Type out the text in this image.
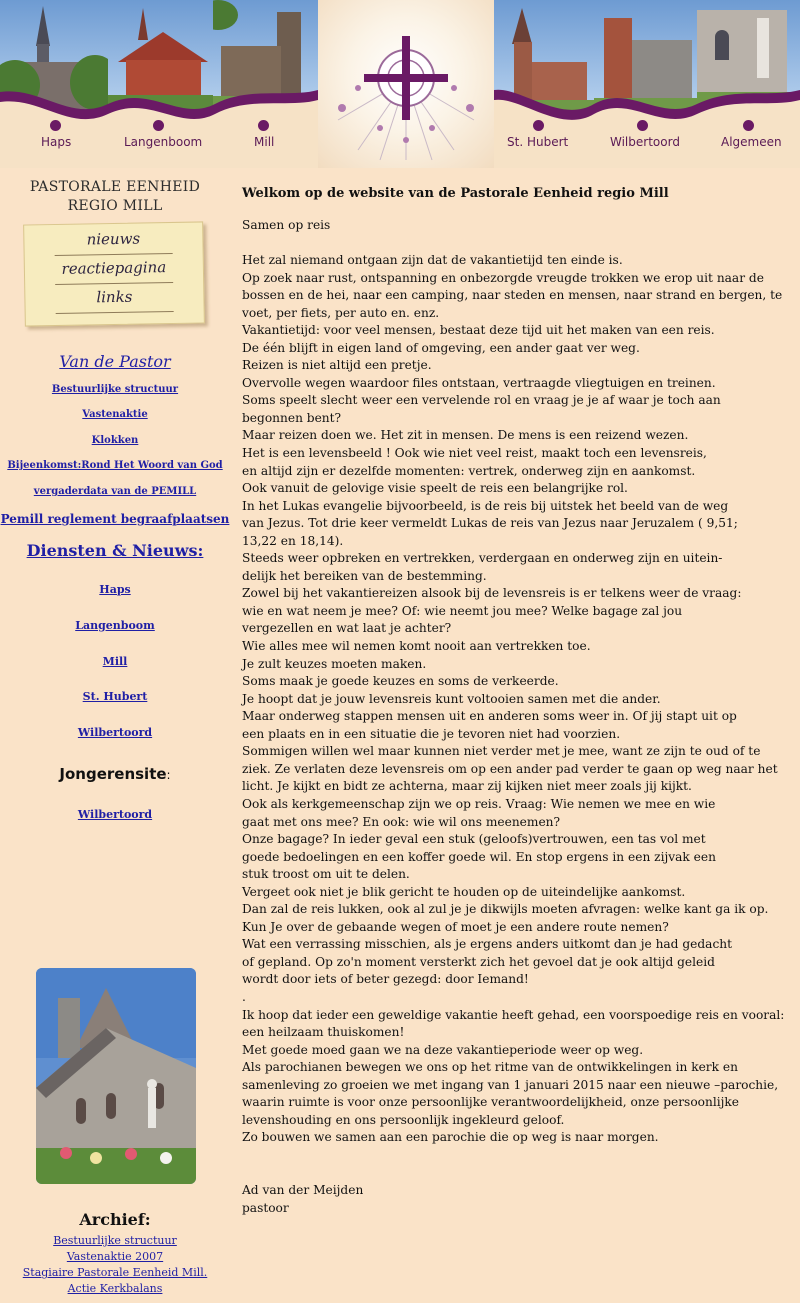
Haps	Langenboom	Mill	St. Hubert	Wilbertoord	Algemeen
PASTORALE EENHEID
REGIO MILL
nieuws
reactiepagina
links
Van de Pastor
Bestuurlijke structuur
Vastenaktie
Klokken
Bijeenkomst:Rond Het Woord van God
vergaderdata van de PEMILL
Pemill reglement begraafplaatsen
Diensten & Nieuws:
Haps
Langenboom
Mill
St. Hubert
Wilbertoord
Jongerensite:
Wilbertoord
Archief:
Bestuurlijke structuur
Vastenaktie 2007
Stagiaire Pastorale Eenheid Mill.
Actie Kerkbalans
Welkom op de website van de Pastorale Eenheid regio Mill
Samen op reis
Het zal niemand ontgaan zijn dat de vakantietijd ten einde is.
Op zoek naar rust, ontspanning en onbezorgde vreugde trokken we erop uit naar de
bossen en de hei, naar een camping, naar steden en mensen, naar strand en bergen, te
voet, per fiets, per auto en. enz.
Vakantietijd: voor veel mensen, bestaat deze tijd uit het maken van een reis.
De één blijft in eigen land of omgeving, een ander gaat ver weg.
Reizen is niet altijd een pretje.
Overvolle wegen waardoor files ontstaan, vertraagde vliegtuigen en treinen.
Soms speelt slecht weer een vervelende rol en vraag je je af waar je toch aan
begonnen bent?
Maar reizen doen we. Het zit in mensen. De mens is een reizend wezen.
Het is een levensbeeld ! Ook wie niet veel reist, maakt toch een levensreis,
en altijd zijn er dezelfde momenten: vertrek, onderweg zijn en aankomst.
Ook vanuit de gelovige visie speelt de reis een belangrijke rol.
In het Lukas evangelie bijvoorbeeld, is de reis bij uitstek het beeld van de weg
van Jezus. Tot drie keer vermeldt Lukas de reis van Jezus naar Jeruzalem ( 9,51;
13,22 en 18,14).
Steeds weer opbreken en vertrekken, verdergaan en onderweg zijn en uitein-
delijk het bereiken van de bestemming.
Zowel bij het vakantiereizen alsook bij de levensreis is er telkens weer de vraag:
wie en wat neem je mee? Of: wie neemt jou mee? Welke bagage zal jou
vergezellen en wat laat je achter?
Wie alles mee wil nemen komt nooit aan vertrekken toe.
Je zult keuzes moeten maken.
Soms maak je goede keuzes en soms de verkeerde.
Je hoopt dat je jouw levensreis kunt voltooien samen met die ander.
Maar onderweg stappen mensen uit en anderen soms weer in. Of jij stapt uit op
een plaats en in een situatie die je tevoren niet had voorzien.
Sommigen willen wel maar kunnen niet verder met je mee, want ze zijn te oud of te
ziek. Ze verlaten deze levensreis om op een ander pad verder te gaan op weg naar het
licht. Je kijkt en bidt ze achterna, maar zij kijken niet meer zoals jij kijkt.
Ook als kerkgemeenschap zijn we op reis. Vraag: Wie nemen we mee en wie
gaat met ons mee? En ook: wie wil ons meenemen?
Onze bagage? In ieder geval een stuk (geloofs)vertrouwen, een tas vol met
goede bedoelingen en een koffer goede wil. En stop ergens in een zijvak een
stuk troost om uit te delen.
Vergeet ook niet je blik gericht te houden op de uiteindelijke aankomst.
Dan zal de reis lukken, ook al zul je je dikwijls moeten afvragen: welke kant ga ik op.
Kun Je over de gebaande wegen of moet je een andere route nemen?
Wat een verrassing misschien, als je ergens anders uitkomt dan je had gedacht
of gepland. Op zo'n moment versterkt zich het gevoel dat je ook altijd geleid
wordt door iets of beter gezegd: door Iemand!
.
Ik hoop dat ieder een geweldige vakantie heeft gehad, een voorspoedige reis en vooral:
een heilzaam thuiskomen!
Met goede moed gaan we na deze vakantieperiode weer op weg.
Als parochianen bewegen we ons op het ritme van de ontwikkelingen in kerk en
samenleving zo groeien we met ingang van 1 januari 2015 naar een nieuwe –parochie,
waarin ruimte is voor onze persoonlijke verantwoordelijkheid, onze persoonlijke
levenshouding en ons persoonlijk ingekleurd geloof.
Zo bouwen we samen aan een parochie die op weg is naar morgen.
Ad van der Meijden
pastoor
